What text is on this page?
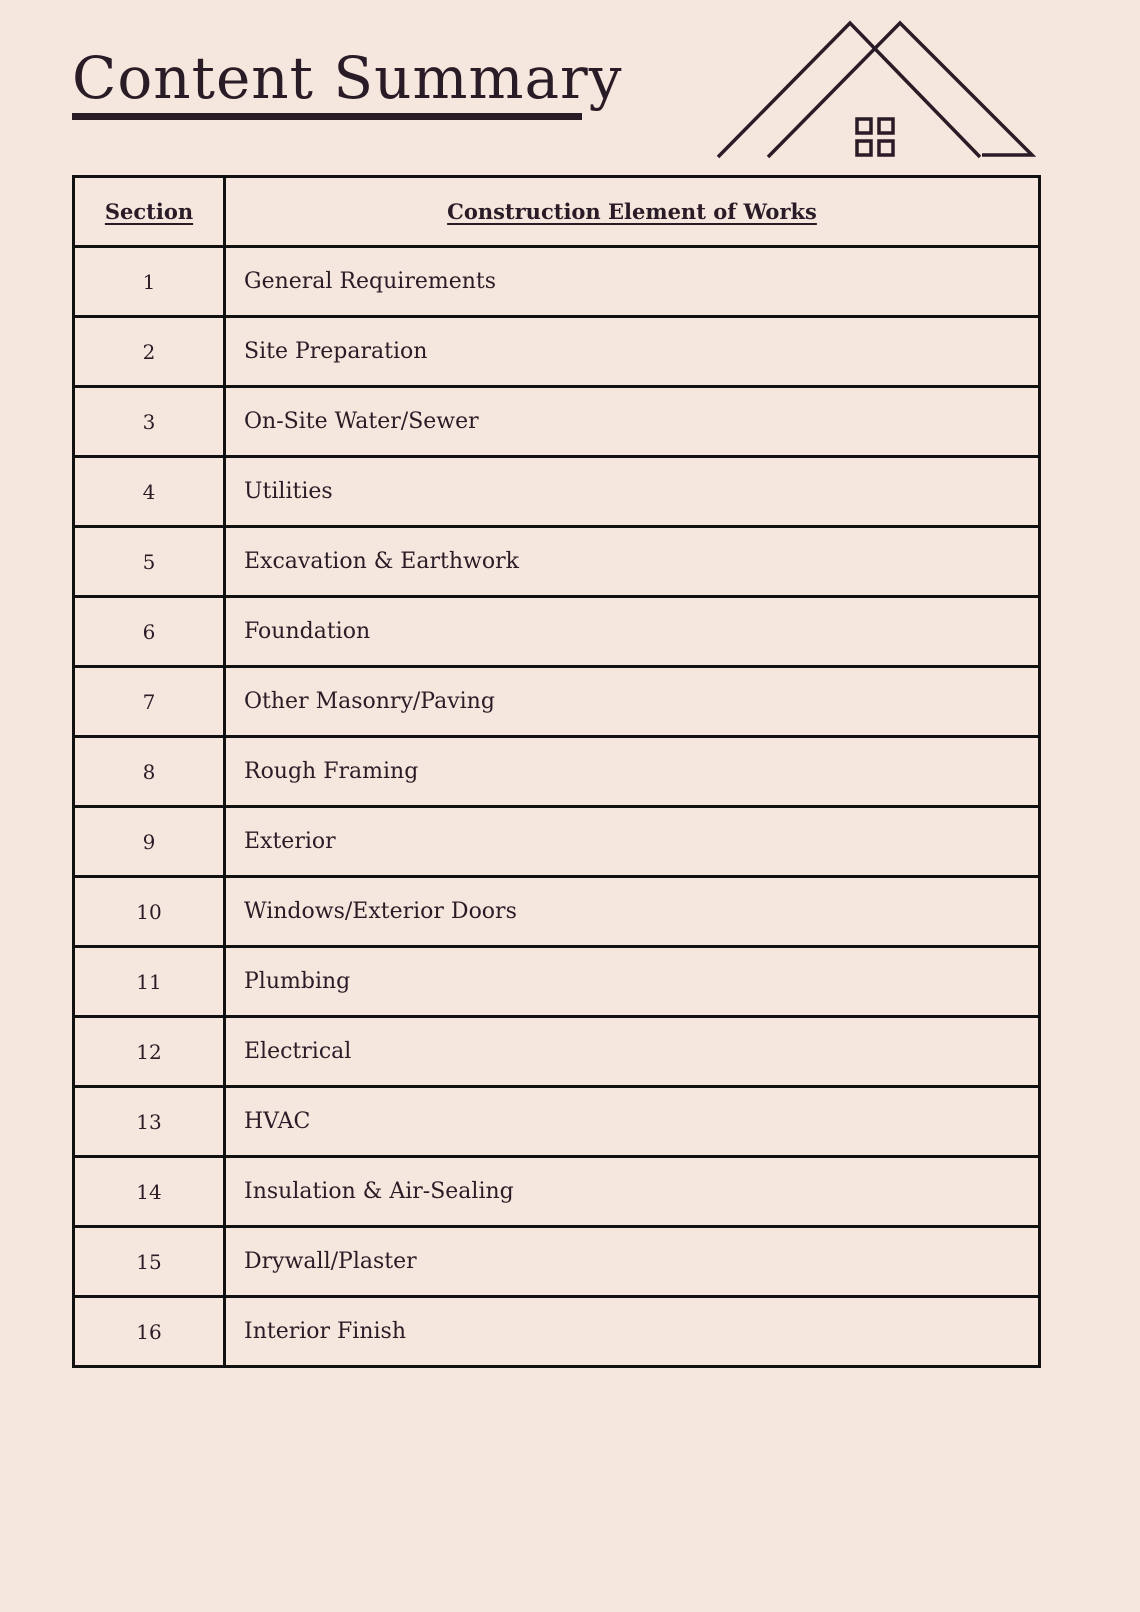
Content Summary
Section	Construction Element of Works
1	General Requirements
2	Site Preparation
3	On-Site Water/Sewer
4	Utilities
5	Excavation & Earthwork
6	Foundation
7	Other Masonry/Paving
8	Rough Framing
9	Exterior
10	Windows/Exterior Doors
11	Plumbing
12	Electrical
13	HVAC
14	Insulation & Air-Sealing
15	Drywall/Plaster
16	Interior Finish
